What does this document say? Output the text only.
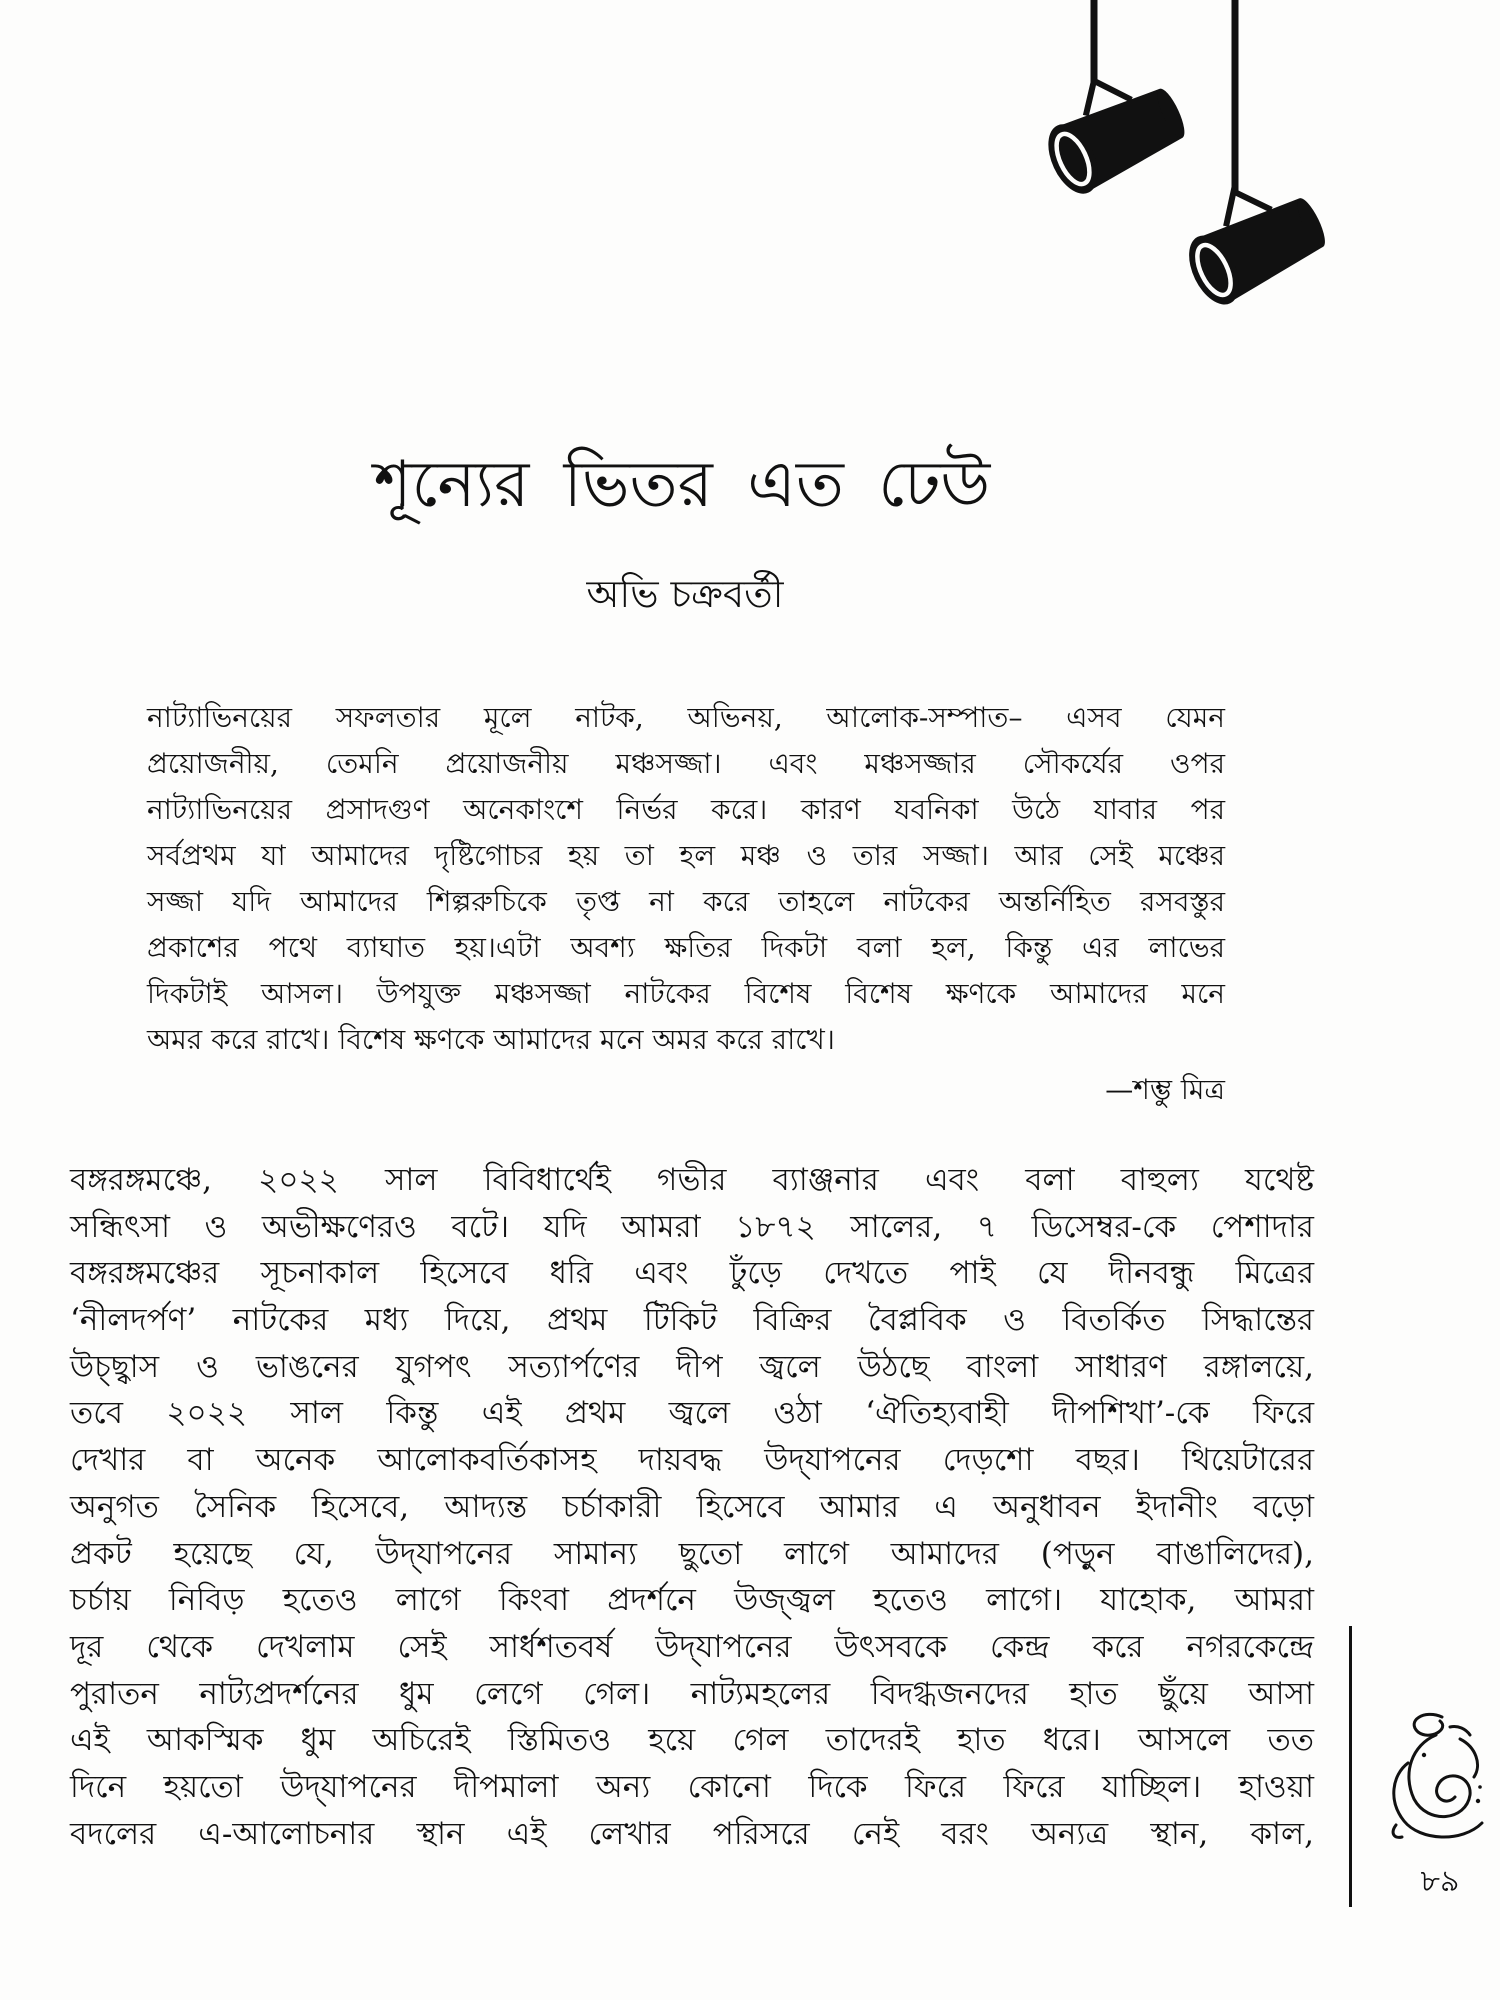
শূন্যের ভিতর এত ঢেউ
অভি চক্রবর্তী
নাট্যাভিনয়ের সফলতার মূলে নাটক, অভিনয়, আলোক-সম্পাত– এসব যেমন
প্রয়োজনীয়, তেমনি প্রয়োজনীয় মঞ্চসজ্জা। এবং মঞ্চসজ্জার সৌকর্যের ওপর
নাট্যাভিনয়ের প্রসাদগুণ অনেকাংশে নির্ভর করে। কারণ যবনিকা উঠে যাবার পর
সর্বপ্রথম যা আমাদের দৃষ্টিগোচর হয় তা হল মঞ্চ ও তার সজ্জা। আর সেই মঞ্চের
সজ্জা যদি আমাদের শিল্পরুচিকে তৃপ্ত না করে তাহলে নাটকের অন্তর্নিহিত রসবস্তুর
প্রকাশের পথে ব্যাঘাত হয়।এটা অবশ্য ক্ষতির দিকটা বলা হল, কিন্তু এর লাভের
দিকটাই আসল। উপযুক্ত মঞ্চসজ্জা নাটকের বিশেষ বিশেষ ক্ষণকে আমাদের মনে
অমর করে রাখে। বিশেষ ক্ষণকে আমাদের মনে অমর করে রাখে।
—শম্ভু মিত্র
বঙ্গরঙ্গমঞ্চে, ২০২২ সাল বিবিধার্থেই গভীর ব্যাঞ্জনার এবং বলা বাহুল্য যথেষ্ট
সন্ধিৎসা ও অভীক্ষণেরও বটে। যদি আমরা ১৮৭২ সালের, ৭ ডিসেম্বর-কে পেশাদার
বঙ্গরঙ্গমঞ্চের সূচনাকাল হিসেবে ধরি এবং ঢুঁড়ে দেখতে পাই যে দীনবন্ধু মিত্রের
‘নীলদর্পণ’ নাটকের মধ্য দিয়ে, প্রথম টিকিট বিক্রির বৈপ্লবিক ও বিতর্কিত সিদ্ধান্তের
উচ্ছ্বাস ও ভাঙনের যুগপৎ সত্যার্পণের দীপ জ্বলে উঠছে বাংলা সাধারণ রঙ্গালয়ে,
তবে ২০২২ সাল কিন্তু এই প্রথম জ্বলে ওঠা ‘ঐতিহ্যবাহী দীপশিখা’-কে ফিরে
দেখার বা অনেক আলোকবর্তিকাসহ দায়বদ্ধ উদ্‌যাপনের দেড়শো বছর। থিয়েটারের
অনুগত সৈনিক হিসেবে, আদ্যন্ত চর্চাকারী হিসেবে আমার এ অনুধাবন ইদানীং বড়ো
প্রকট হয়েছে যে, উদ্‌যাপনের সামান্য ছুতো লাগে আমাদের (পড়ুন বাঙালিদের),
চর্চায় নিবিড় হতেও লাগে কিংবা প্রদর্শনে উজ্জ্বল হতেও লাগে। যাহোক, আমরা
দূর থেকে দেখলাম সেই সার্ধশতবর্ষ উদ্‌যাপনের উৎসবকে কেন্দ্র করে নগরকেন্দ্রে
পুরাতন নাট্যপ্রদর্শনের ধুম লেগে গেল। নাট্যমহলের বিদগ্ধজনদের হাত ছুঁয়ে আসা
এই আকস্মিক ধুম অচিরেই স্তিমিতও হয়ে গেল তাদেরই হাত ধরে। আসলে তত
দিনে হয়তো উদ্‌যাপনের দীপমালা অন্য কোনো দিকে ফিরে ফিরে যাচ্ছিল। হাওয়া
বদলের এ-আলোচনার স্থান এই লেখার পরিসরে নেই বরং অন্যত্র স্থান, কাল,
৮৯
